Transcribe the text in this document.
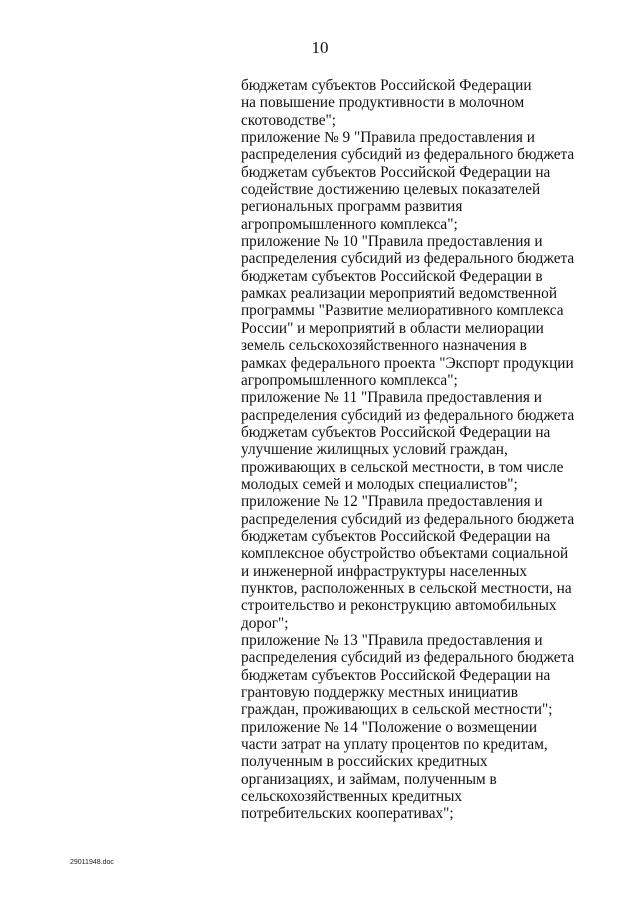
10
бюджетам субъектов Российской Федерации
на повышение продуктивности в молочном
скотоводстве";
приложение № 9 "Правила предоставления и
распределения субсидий из федерального бюджета
бюджетам субъектов Российской Федерации на
содействие достижению целевых показателей
региональных программ развития
агропромышленного комплекса";
приложение № 10 "Правила предоставления и
распределения субсидий из федерального бюджета
бюджетам субъектов Российской Федерации в
рамках реализации мероприятий ведомственной
программы "Развитие мелиоративного комплекса
России" и мероприятий в области мелиорации
земель сельскохозяйственного назначения в
рамках федерального проекта "Экспорт продукции
агропромышленного комплекса";
приложение № 11 "Правила предоставления и
распределения субсидий из федерального бюджета
бюджетам субъектов Российской Федерации на
улучшение жилищных условий граждан,
проживающих в сельской местности, в том числе
молодых семей и молодых специалистов";
приложение № 12 "Правила предоставления и
распределения субсидий из федерального бюджета
бюджетам субъектов Российской Федерации на
комплексное обустройство объектами социальной
и инженерной инфраструктуры населенных
пунктов, расположенных в сельской местности, на
строительство и реконструкцию автомобильных
дорог";
приложение № 13 "Правила предоставления и
распределения субсидий из федерального бюджета
бюджетам субъектов Российской Федерации на
грантовую поддержку местных инициатив
граждан, проживающих в сельской местности";
приложение № 14 "Положение о возмещении
части затрат на уплату процентов по кредитам,
полученным в российских кредитных
организациях, и займам, полученным в
сельскохозяйственных кредитных
потребительских кооперативах";
29011948.doc
